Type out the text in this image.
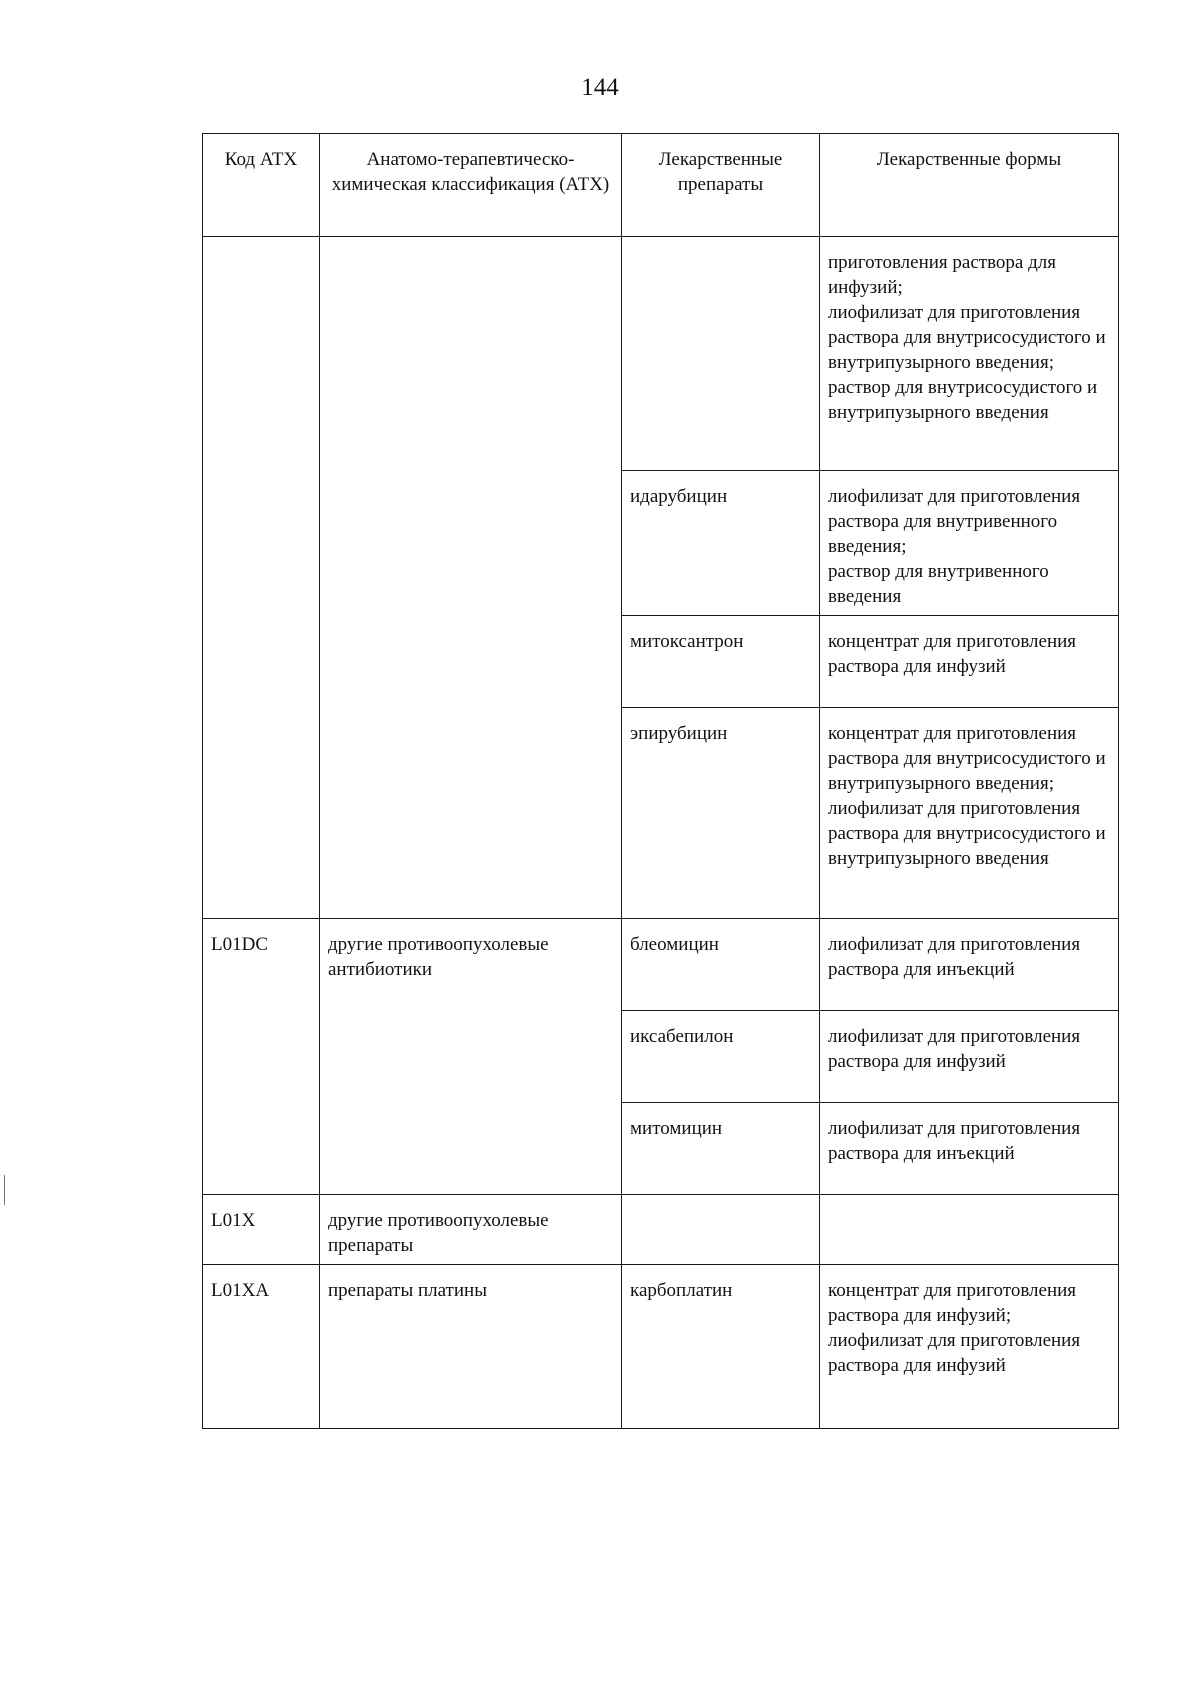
144
Код АТХ	Анатомо-терапевтическо-химическая классификация (АТХ)	Лекарственные препараты	Лекарственные формы
			приготовления раствора для инфузий;
лиофилизат для приготовления раствора для внутрисосудистого и внутрипузырного введения;
раствор для внутрисосудистого и внутрипузырного введения
		идарубицин	лиофилизат для приготовления раствора для внутривенного введения;
раствор для внутривенного введения
		митоксантрон	концентрат для приготовления раствора для инфузий
		эпирубицин	концентрат для приготовления раствора для внутрисосудистого и внутрипузырного введения;
лиофилизат для приготовления раствора для внутрисосудистого и внутрипузырного введения
L01DC	другие противоопухолевые антибиотики	блеомицин	лиофилизат для приготовления раствора для инъекций
		иксабепилон	лиофилизат для приготовления раствора для инфузий
		митомицин	лиофилизат для приготовления раствора для инъекций
L01X	другие противоопухолевые препараты		
L01XA	препараты платины	карбоплатин	концентрат для приготовления раствора для инфузий;
лиофилизат для приготовления раствора для инфузий
